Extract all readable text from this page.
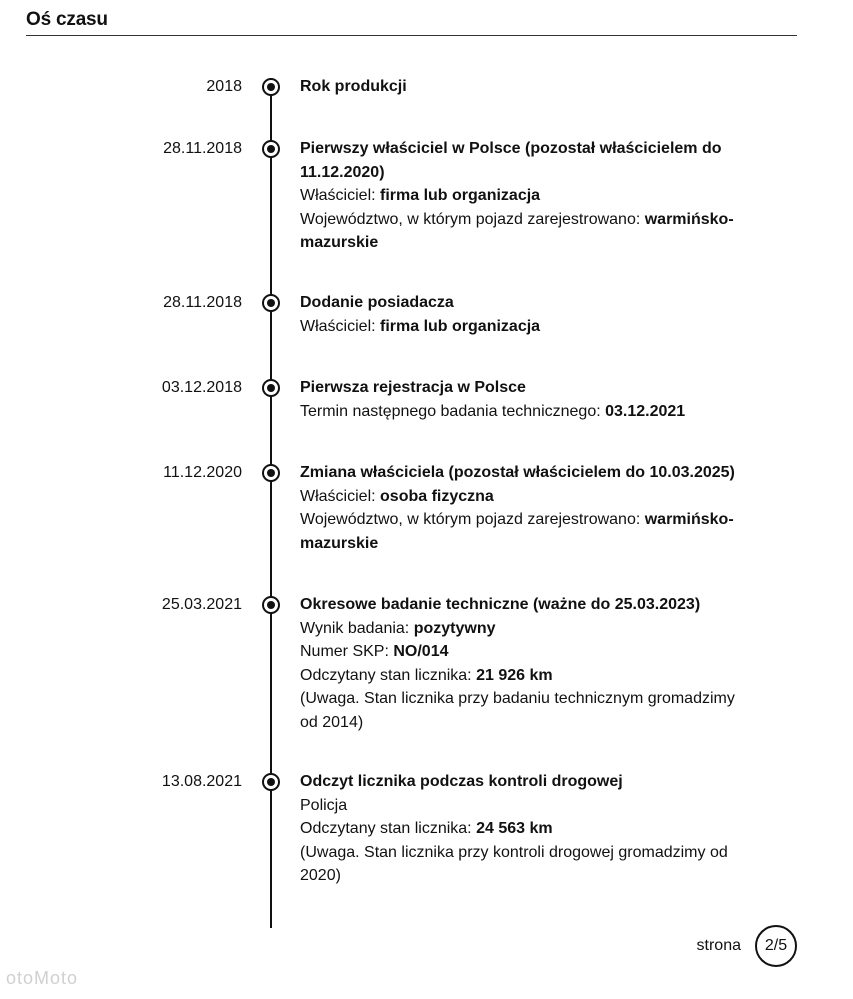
Oś czasu
2018	Rok produkcji
28.11.2018	Pierwszy właściciel w Polsce (pozostał właścicielem do 11.12.2020)
Właściciel: firma lub organizacja
Województwo, w którym pojazd zarejestrowano: warmińsko-mazurskie
28.11.2018	Dodanie posiadacza
Właściciel: firma lub organizacja
03.12.2018	Pierwsza rejestracja w Polsce
Termin następnego badania technicznego: 03.12.2021
11.12.2020	Zmiana właściciela (pozostał właścicielem do 10.03.2025)
Właściciel: osoba fizyczna
Województwo, w którym pojazd zarejestrowano: warmińsko-mazurskie
25.03.2021	Okresowe badanie techniczne (ważne do 25.03.2023)
Wynik badania: pozytywny
Numer SKP: NO/014
Odczytany stan licznika: 21 926 km
(Uwaga. Stan licznika przy badaniu technicznym gromadzimy od 2014)
13.08.2021	Odczyt licznika podczas kontroli drogowej
Policja
Odczytany stan licznika: 24 563 km
(Uwaga. Stan licznika przy kontroli drogowej gromadzimy od 2020)
strona	2/5
otoMoto
